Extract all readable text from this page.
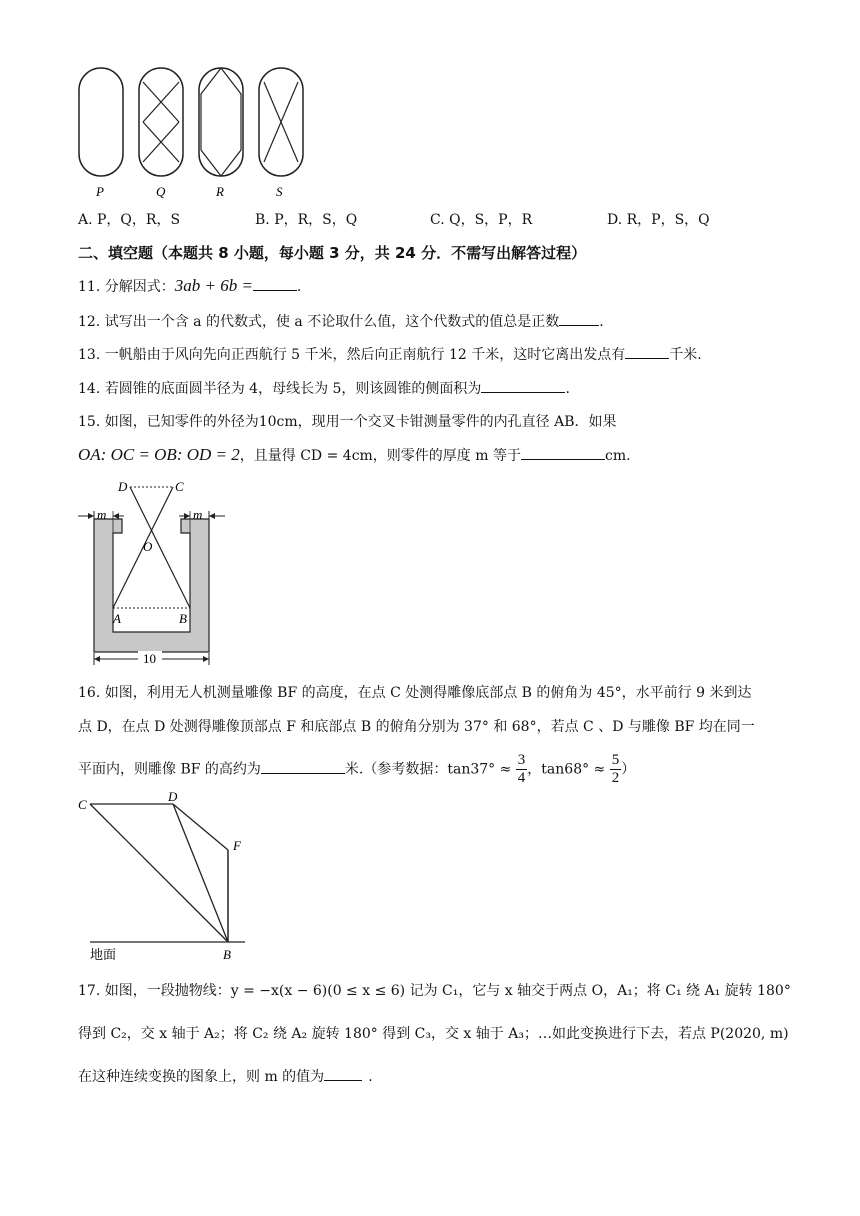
P	Q	R	S
A. P，Q，R，S	B. P，R，S，Q	C. Q，S，P，R	D. R，P，S，Q
二、填空题（本题共 8 小题，每小题 3 分，共 24 分．不需写出解答过程）
11. 分解因式：3ab + 6b =	.
12. 试写出一个含 a 的代数式，使 a 不论取什么值，这个代数式的值总是正数	.
13. 一帆船由于风向先向正西航行 5 千米，然后向正南航行 12 千米，这时它离出发点有	千米.
14. 若圆锥的底面圆半径为 4，母线长为 5，则该圆锥的侧面积为	.
15. 如图，已知零件的外径为10cm，现用一个交叉卡钳测量零件的内孔直径 AB．如果
OA: OC = OB: OD = 2，且量得 CD = 4cm，则零件的厚度 m 等于	cm.
D	C
O
A	B
m	m
10
16. 如图，利用无人机测量雕像 BF 的高度，在点 C 处测得雕像底部点 B 的俯角为 45°，水平前行 9 米到达
点 D，在点 D 处测得雕像顶部点 F 和底部点 B 的俯角分别为 37° 和 68°，若点 C 、D 与雕像 BF 均在同一
平面内，则雕像 BF 的高约为	米.（参考数据：$\tan 37^\circ \approx \frac{3}{4}$ ，$\tan 68^\circ \approx \frac{5}{2}$ ）
C
D
F
B
地面
17. 如图，一段抛物线：y = −x(x − 6)(0 ≤ x ≤ 6) 记为 C₁，它与 x 轴交于两点 O，A₁；将 C₁ 绕 A₁ 旋转 180°
得到 C₂，交 x 轴于 A₂；将 C₂ 绕 A₂ 旋转 180° 得到 C₃，交 x 轴于 A₃；…如此变换进行下去，若点 P(2020, m)
在这种连续变换的图象上，则 m 的值为	.
